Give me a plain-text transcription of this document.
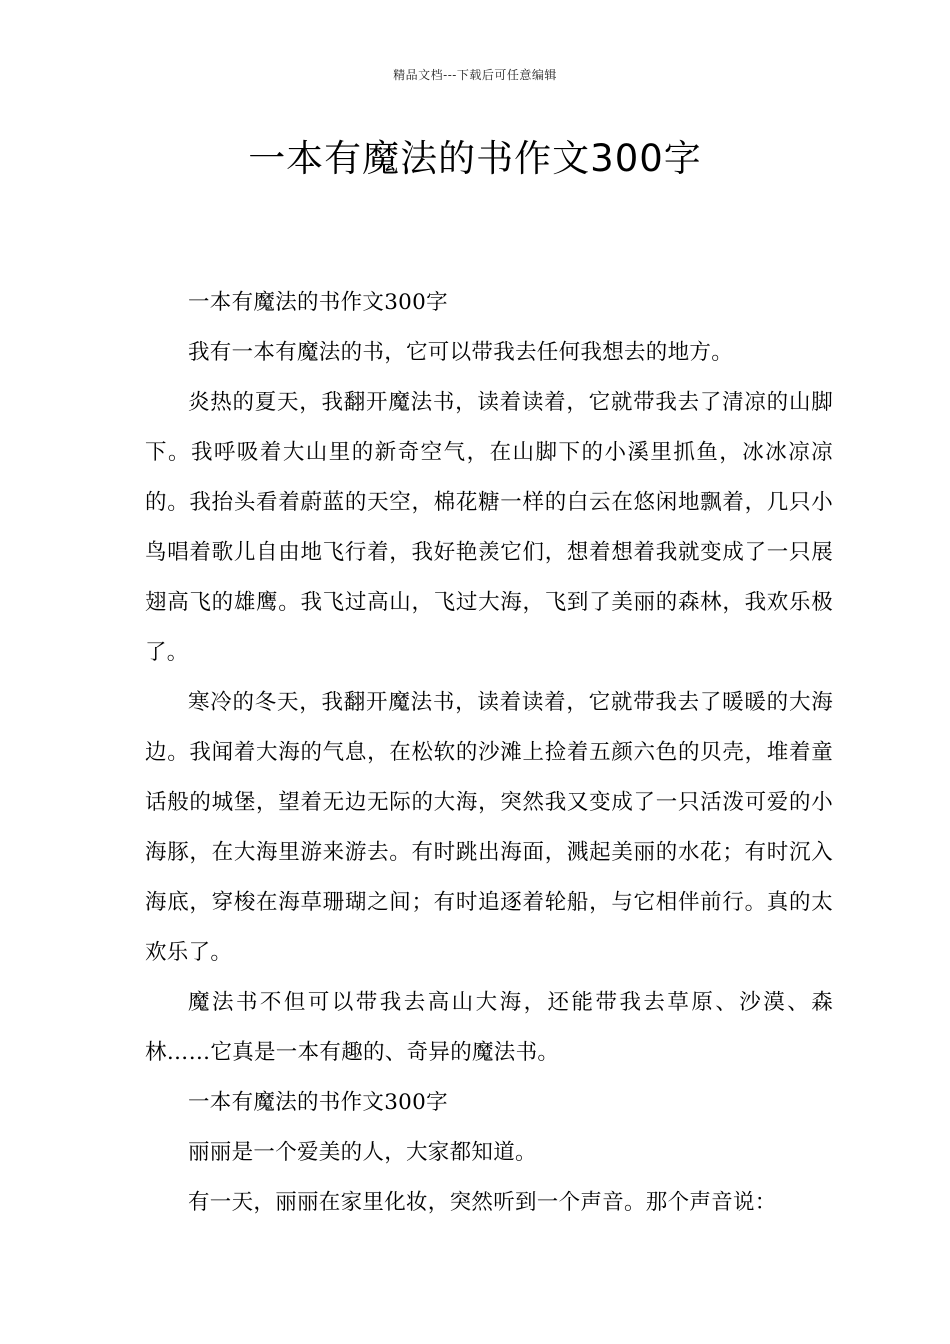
精品文档---下载后可任意编辑
一本有魔法的书作文300字

一本有魔法的书作文300字

我有一本有魔法的书，它可以带我去任何我想去的地方。

炎热的夏天，我翻开魔法书，读着读着，它就带我去了清凉的山脚下。我呼吸着大山里的新奇空气，在山脚下的小溪里抓鱼，冰冰凉凉的。我抬头看着蔚蓝的天空，棉花糖一样的白云在悠闲地飘着，几只小鸟唱着歌儿自由地飞行着，我好艳羡它们，想着想着我就变成了一只展翅高飞的雄鹰。我飞过高山，飞过大海，飞到了美丽的森林，我欢乐极了。

寒冷的冬天，我翻开魔法书，读着读着，它就带我去了暖暖的大海边。我闻着大海的气息，在松软的沙滩上捡着五颜六色的贝壳，堆着童话般的城堡，望着无边无际的大海，突然我又变成了一只活泼可爱的小海豚，在大海里游来游去。有时跳出海面，溅起美丽的水花；有时沉入海底，穿梭在海草珊瑚之间；有时追逐着轮船，与它相伴前行。真的太欢乐了。

魔法书不但可以带我去高山大海，还能带我去草原、沙漠、森林……它真是一本有趣的、奇异的魔法书。

一本有魔法的书作文300字

丽丽是一个爱美的人，大家都知道。

有一天，丽丽在家里化妆，突然听到一个声音。那个声音说：
